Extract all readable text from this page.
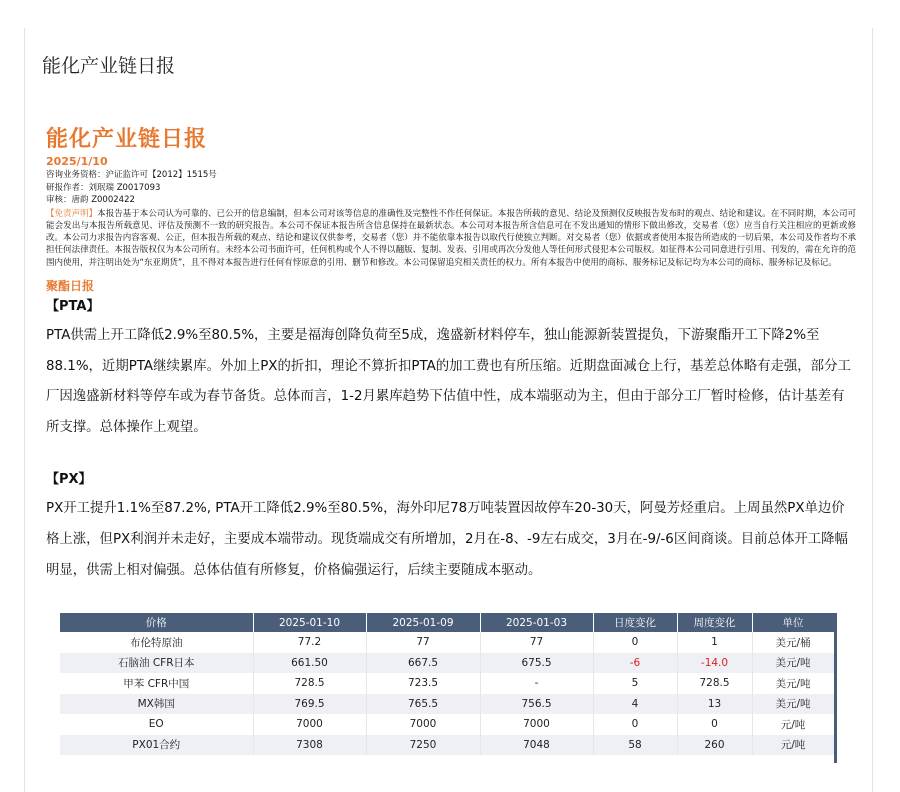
能化产业链日报
能化产业链日报
2025/1/10
咨询业务资格：沪证监许可【2012】1515号
研报作者：刘珉瑞 Z0017093
审核：唐韵 Z0002422
【免责声明】本报告基于本公司认为可靠的、已公开的信息编制，但本公司对该等信息的准确性及完整性不作任何保证。本报告所载的意见、结论及预测仅反映报告发布时的观点、结论和建议。在不同时期，本公司可能会发出与本报告所载意见、评估及预测不一致的研究报告。本公司不保证本报告所含信息保持在最新状态。本公司对本报告所含信息可在不发出通知的情形下做出修改，交易者（您）应当自行关注相应的更新或修改。本公司力求报告内容客观、公正，但本报告所载的观点、结论和建议仅供参考，交易者（您）并不能依靠本报告以取代行使独立判断。对交易者（您）依据或者使用本报告所造成的一切后果，本公司及作者均不承担任何法律责任。本报告版权仅为本公司所有。未经本公司书面许可，任何机构或个人不得以翻版、复制、发表、引用或再次分发他人等任何形式侵犯本公司版权。如征得本公司同意进行引用、刊发的，需在允许的范围内使用，并注明出处为“东亚期货”，且不得对本报告进行任何有悖原意的引用、删节和修改。本公司保留追究相关责任的权力。所有本报告中使用的商标、服务标记及标记均为本公司的商标、服务标记及标记。
聚酯日报
【PTA】
PTA供需上开工降低2.9%至80.5%，主要是福海创降负荷至5成，逸盛新材料停车，独山能源新装置提负，下游聚酯开工下降2%至88.1%，近期PTA继续累库。外加上PX的折扣，理论不算折扣PTA的加工费也有所压缩。近期盘面减仓上行，基差总体略有走强，部分工厂因逸盛新材料等停车或为春节备货。总体而言，1-2月累库趋势下估值中性，成本端驱动为主，但由于部分工厂暂时检修，估计基差有所支撑。总体操作上观望。
【PX】
PX开工提升1.1%至87.2%, PTA开工降低2.9%至80.5%，海外印尼78万吨装置因故停车20-30天，阿曼芳烃重启。上周虽然PX单边价格上涨，但PX利润并未走好，主要成本端带动。现货端成交有所增加，2月在-8、-9左右成交，3月在-9/-6区间商谈。目前总体开工降幅明显，供需上相对偏强。总体估值有所修复，价格偏强运行，后续主要随成本驱动。
价格	2025-01-10	2025-01-09	2025-01-03	日度变化	周度变化	单位
布伦特原油	77.2	77	77	0	1	美元/桶
石脑油 CFR日本	661.50	667.5	675.5	-6	-14.0	美元/吨
甲苯 CFR中国	728.5	723.5	-	5	728.5	美元/吨
MX韩国	769.5	765.5	756.5	4	13	美元/吨
EO	7000	7000	7000	0	0	元/吨
PX01合约	7308	7250	7048	58	260	元/吨
